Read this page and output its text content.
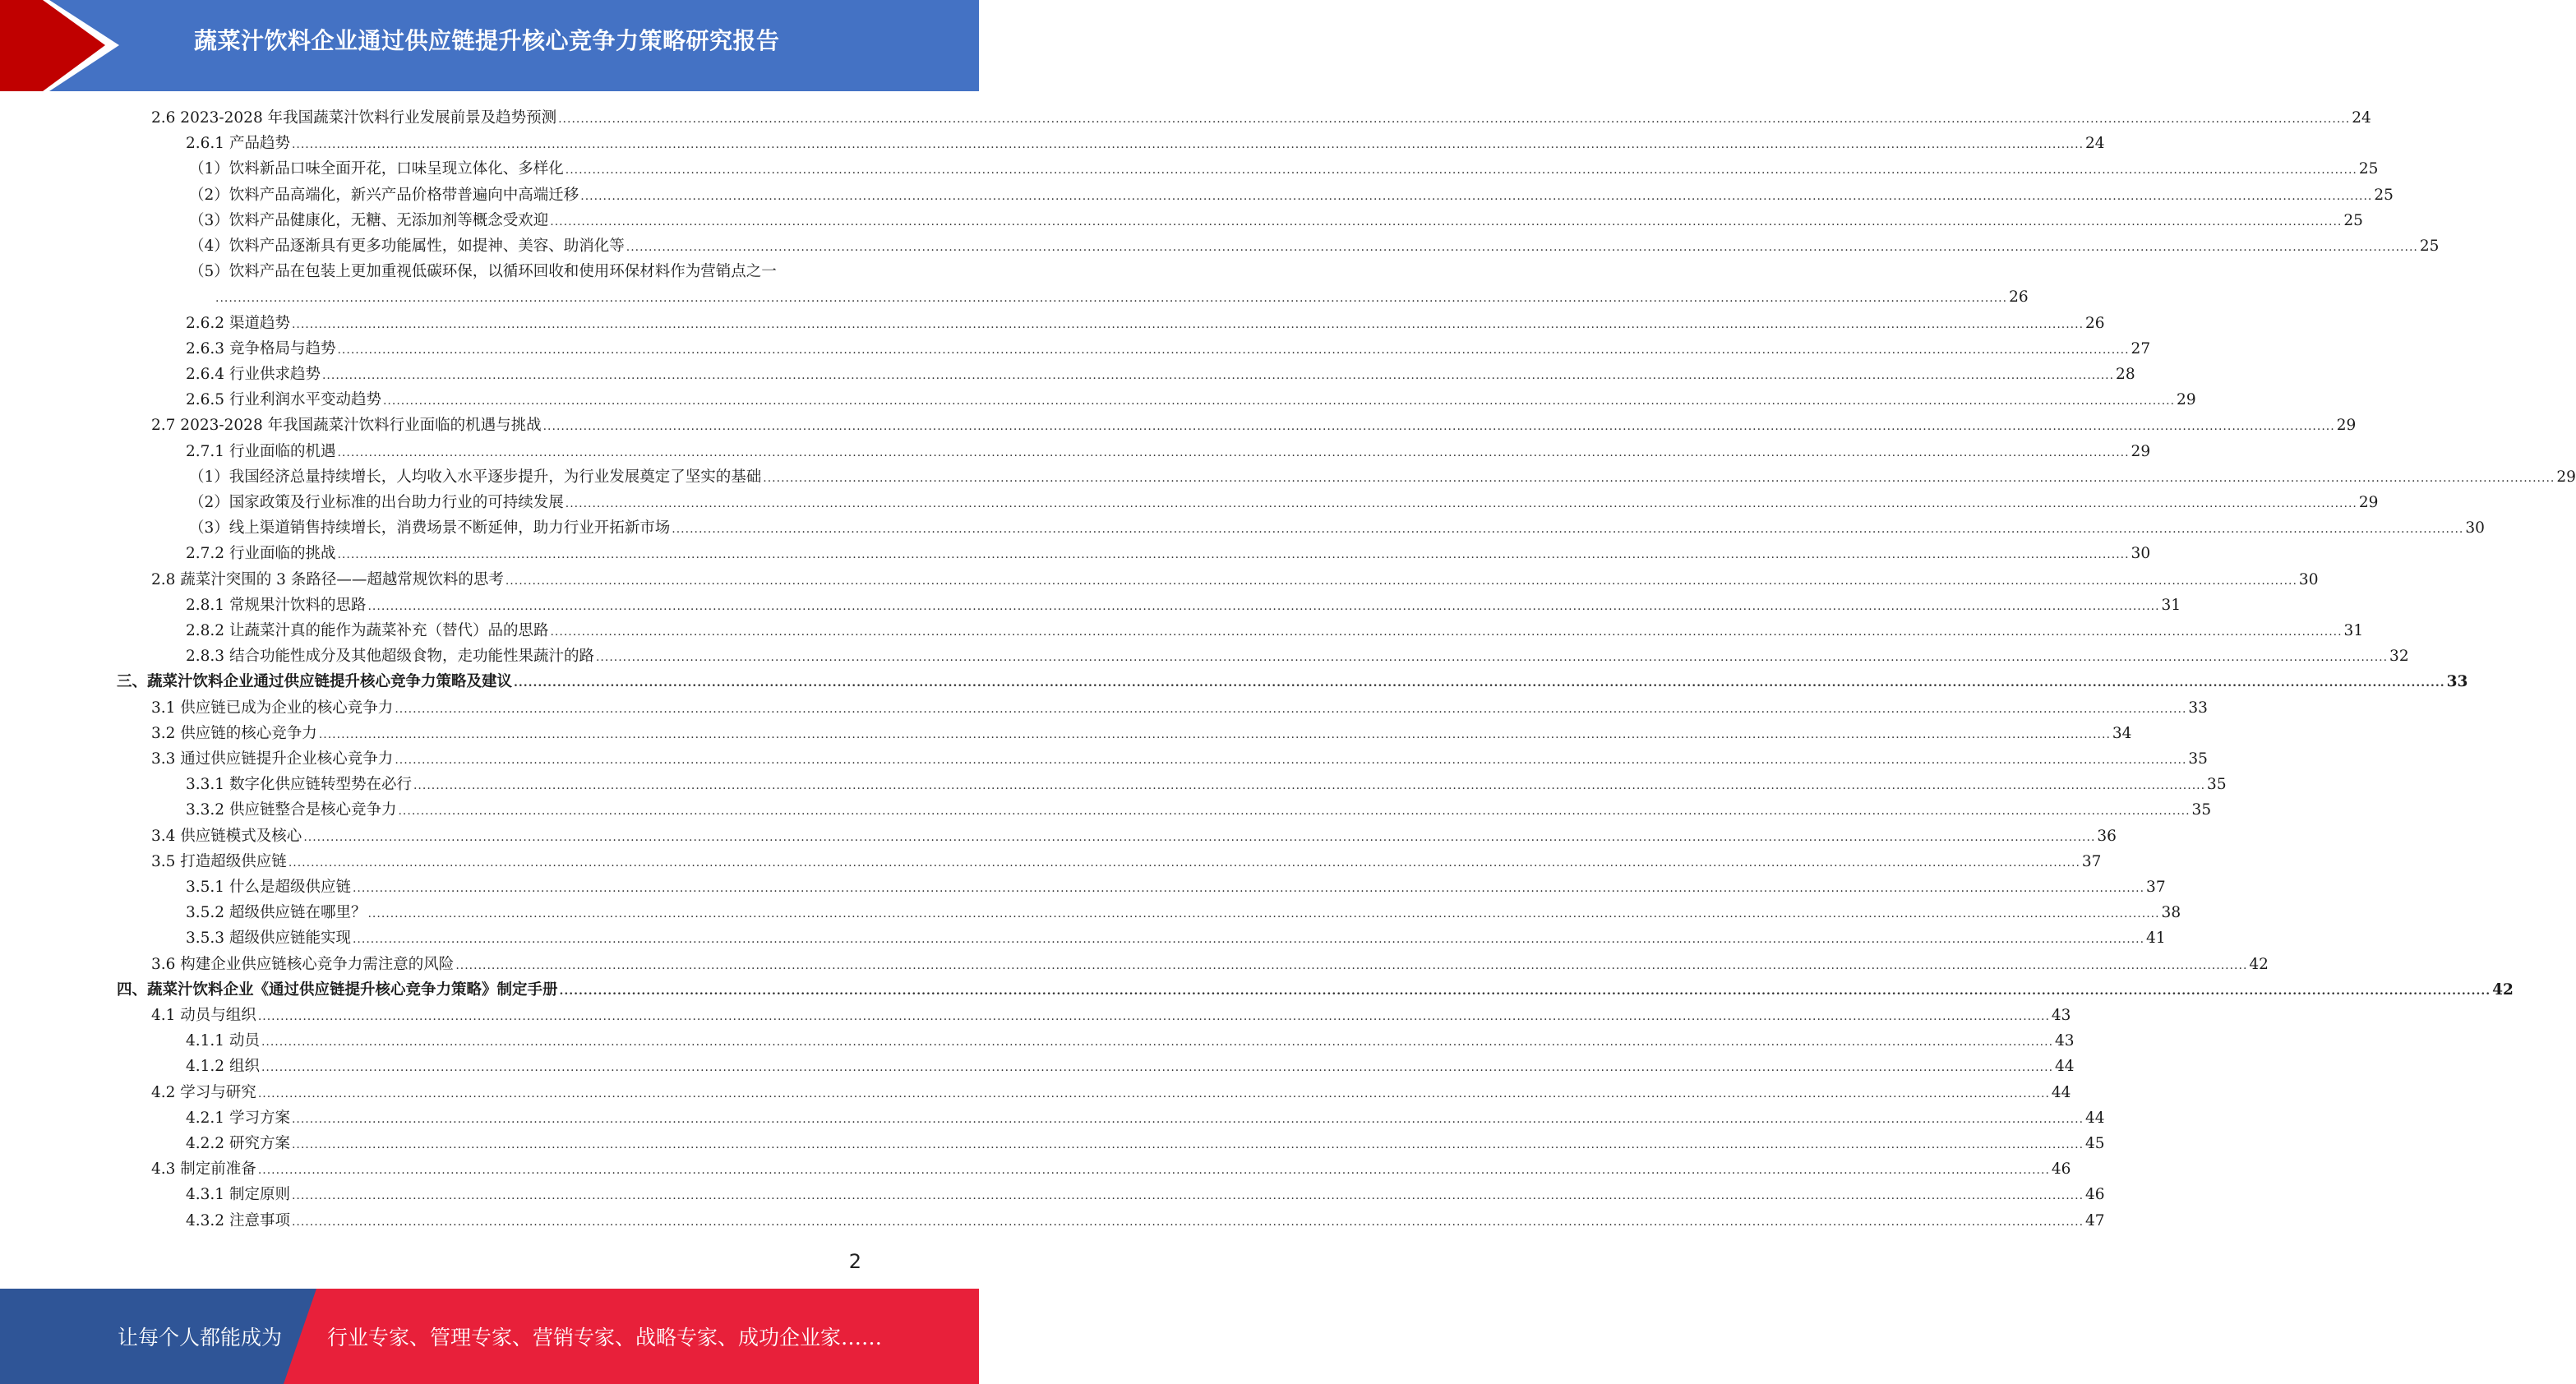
蔬菜汁饮料企业通过供应链提升核心竞争力策略研究报告
2.6 2023-2028 年我国蔬菜汁饮料行业发展前景及趋势预测 ................................................................................................................................................................................................................................................................................................................................................................................................................ 24
2.6.1 产品趋势 ................................................................................................................................................................................................................................................................................................................................................................................................................ 24
（1）饮料新品口味全面开花，口味呈现立体化、多样化 ................................................................................................................................................................................................................................................................................................................................................................................................................ 25
（2）饮料产品高端化，新兴产品价格带普遍向中高端迁移 ................................................................................................................................................................................................................................................................................................................................................................................................................ 25
（3）饮料产品健康化，无糖、无添加剂等概念受欢迎 ................................................................................................................................................................................................................................................................................................................................................................................................................ 25
（4）饮料产品逐渐具有更多功能属性，如提神、美容、助消化等 ................................................................................................................................................................................................................................................................................................................................................................................................................ 25
（5）饮料产品在包装上更加重视低碳环保，以循环回收和使用环保材料作为营销点之一
................................................................................................................................................................................................................................................................................................................................................................................................................ 26
2.6.2 渠道趋势 ................................................................................................................................................................................................................................................................................................................................................................................................................ 26
2.6.3 竞争格局与趋势 ................................................................................................................................................................................................................................................................................................................................................................................................................ 27
2.6.4 行业供求趋势 ................................................................................................................................................................................................................................................................................................................................................................................................................ 28
2.6.5 行业利润水平变动趋势 ................................................................................................................................................................................................................................................................................................................................................................................................................ 29
2.7 2023-2028 年我国蔬菜汁饮料行业面临的机遇与挑战 ................................................................................................................................................................................................................................................................................................................................................................................................................ 29
2.7.1 行业面临的机遇 ................................................................................................................................................................................................................................................................................................................................................................................................................ 29
（1）我国经济总量持续增长，人均收入水平逐步提升，为行业发展奠定了坚实的基础 ................................................................................................................................................................................................................................................................................................................................................................................................................ 29
（2）国家政策及行业标准的出台助力行业的可持续发展 ................................................................................................................................................................................................................................................................................................................................................................................................................ 29
（3）线上渠道销售持续增长，消费场景不断延伸，助力行业开拓新市场 ................................................................................................................................................................................................................................................................................................................................................................................................................ 30
2.7.2 行业面临的挑战 ................................................................................................................................................................................................................................................................................................................................................................................................................ 30
2.8 蔬菜汁突围的 3 条路径——超越常规饮料的思考 ................................................................................................................................................................................................................................................................................................................................................................................................................ 30
2.8.1 常规果汁饮料的思路 ................................................................................................................................................................................................................................................................................................................................................................................................................ 31
2.8.2 让蔬菜汁真的能作为蔬菜补充（替代）品的思路 ................................................................................................................................................................................................................................................................................................................................................................................................................ 31
2.8.3 结合功能性成分及其他超级食物，走功能性果蔬汁的路 ................................................................................................................................................................................................................................................................................................................................................................................................................ 32
三、蔬菜汁饮料企业通过供应链提升核心竞争力策略及建议 ................................................................................................................................................................................................................................................................................................................................................................................................................ 33
3.1 供应链已成为企业的核心竞争力 ................................................................................................................................................................................................................................................................................................................................................................................................................ 33
3.2 供应链的核心竞争力 ................................................................................................................................................................................................................................................................................................................................................................................................................ 34
3.3 通过供应链提升企业核心竞争力 ................................................................................................................................................................................................................................................................................................................................................................................................................ 35
3.3.1 数字化供应链转型势在必行 ................................................................................................................................................................................................................................................................................................................................................................................................................ 35
3.3.2 供应链整合是核心竞争力 ................................................................................................................................................................................................................................................................................................................................................................................................................ 35
3.4 供应链模式及核心 ................................................................................................................................................................................................................................................................................................................................................................................................................ 36
3.5 打造超级供应链 ................................................................................................................................................................................................................................................................................................................................................................................................................ 37
3.5.1 什么是超级供应链 ................................................................................................................................................................................................................................................................................................................................................................................................................ 37
3.5.2 超级供应链在哪里？ ................................................................................................................................................................................................................................................................................................................................................................................................................ 38
3.5.3 超级供应链能实现 ................................................................................................................................................................................................................................................................................................................................................................................................................ 41
3.6 构建企业供应链核心竞争力需注意的风险 ................................................................................................................................................................................................................................................................................................................................................................................................................ 42
四、蔬菜汁饮料企业《通过供应链提升核心竞争力策略》制定手册 ................................................................................................................................................................................................................................................................................................................................................................................................................ 42
4.1 动员与组织 ................................................................................................................................................................................................................................................................................................................................................................................................................ 43
4.1.1 动员 ................................................................................................................................................................................................................................................................................................................................................................................................................ 43
4.1.2 组织 ................................................................................................................................................................................................................................................................................................................................................................................................................ 44
4.2 学习与研究 ................................................................................................................................................................................................................................................................................................................................................................................................................ 44
4.2.1 学习方案 ................................................................................................................................................................................................................................................................................................................................................................................................................ 44
4.2.2 研究方案 ................................................................................................................................................................................................................................................................................................................................................................................................................ 45
4.3 制定前准备 ................................................................................................................................................................................................................................................................................................................................................................................................................ 46
4.3.1 制定原则 ................................................................................................................................................................................................................................................................................................................................................................................................................ 46
4.3.2 注意事项 ................................................................................................................................................................................................................................................................................................................................................................................................................ 47
2
让每个人都能成为 行业专家、管理专家、营销专家、战略专家、成功企业家……
